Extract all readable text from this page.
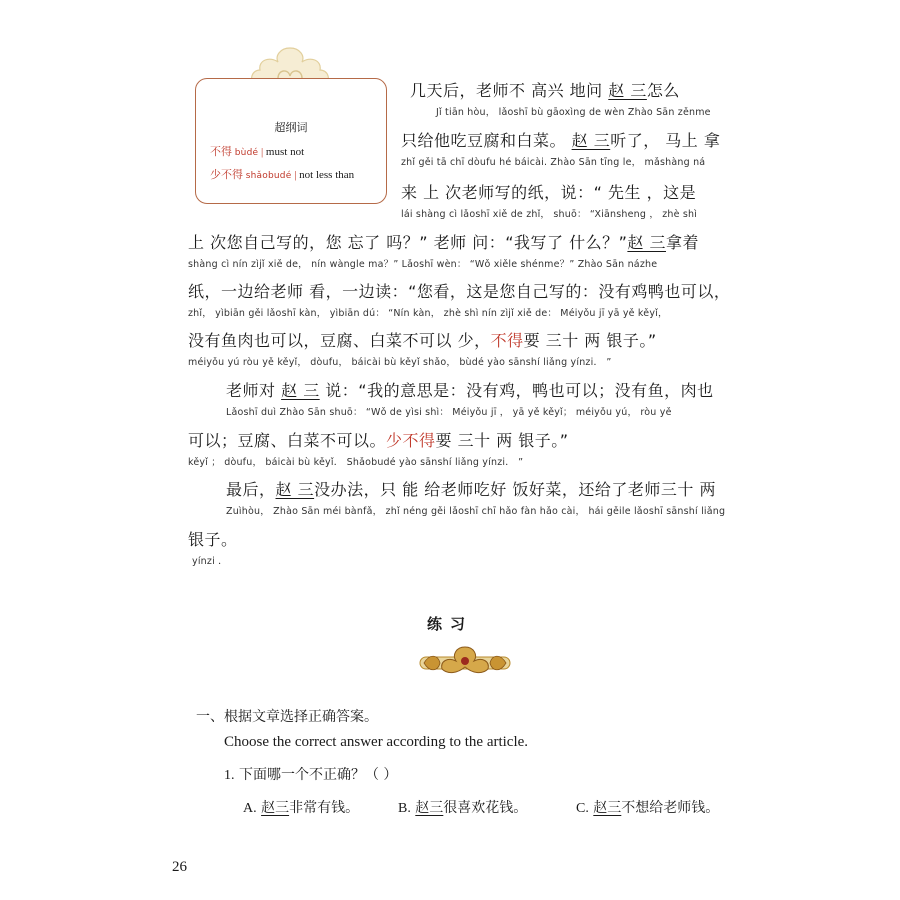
超纲词
不得 bùdé | must not
少不得 shǎobudé | not less than
几天后，老师不 高兴 地问 赵 三怎么
Jǐ tiān hòu， lǎoshī bù gāoxìng de wèn Zhào Sān zěnme
只给他吃豆腐和白菜。 赵 三听了， 马上 拿
zhǐ gěi tā chī dòufu hé báicài. Zhào Sān tīng le， mǎshàng ná
来 上 次老师写的纸，说：“ 先生 ，这是
lái shàng cì lǎoshī xiě de zhǐ， shuō： “Xiānsheng ， zhè shì
上 次您自己写的，您 忘了 吗？” 老师 问：“我写了 什么？”赵 三拿着
shàng cì nín zìjǐ xiě de， nín wàngle ma？” Lǎoshī wèn： “Wǒ xiěle shénme？” Zhào Sān názhe
纸，一边给老师 看，一边读：“您看，这是您自己写的：没有鸡鸭也可以，
zhǐ， yìbiān gěi lǎoshī kàn， yìbiān dú： “Nín kàn， zhè shì nín zìjǐ xiě de： Méiyǒu jī yā yě kěyǐ，
没有鱼肉也可以，豆腐、白菜不可以 少，不得要 三十 两 银子。”
méiyǒu yú ròu yě kěyǐ， dòufu， báicài bù kěyǐ shǎo， bùdé yào sānshí liǎng yínzi． ”
老师对 赵 三 说：“我的意思是：没有鸡，鸭也可以；没有鱼，肉也
Lǎoshī duì Zhào Sān shuō： “Wǒ de yìsi shì： Méiyǒu jī ， yā yě kěyǐ； méiyǒu yú， ròu yě
可以；豆腐、白菜不可以。少不得要 三十 两 银子。”
kěyǐ ； dòufu， báicài bù kěyǐ． Shǎobudé yào sānshí liǎng yínzi． ”
最后，赵 三没办法，只 能 给老师吃好 饭好菜，还给了老师三十 两
Zuìhòu， Zhào Sān méi bànfǎ， zhǐ néng gěi lǎoshī chī hǎo fàn hǎo cài， hái gěile lǎoshī sānshí liǎng
银子。
yínzi ．
练习
一、根据文章选择正确答案。
Choose the correct answer according to the article.
1. 下面哪一个不正确？（ ）
A. 赵三非常有钱。	B. 赵三很喜欢花钱。	C. 赵三不想给老师钱。
26
